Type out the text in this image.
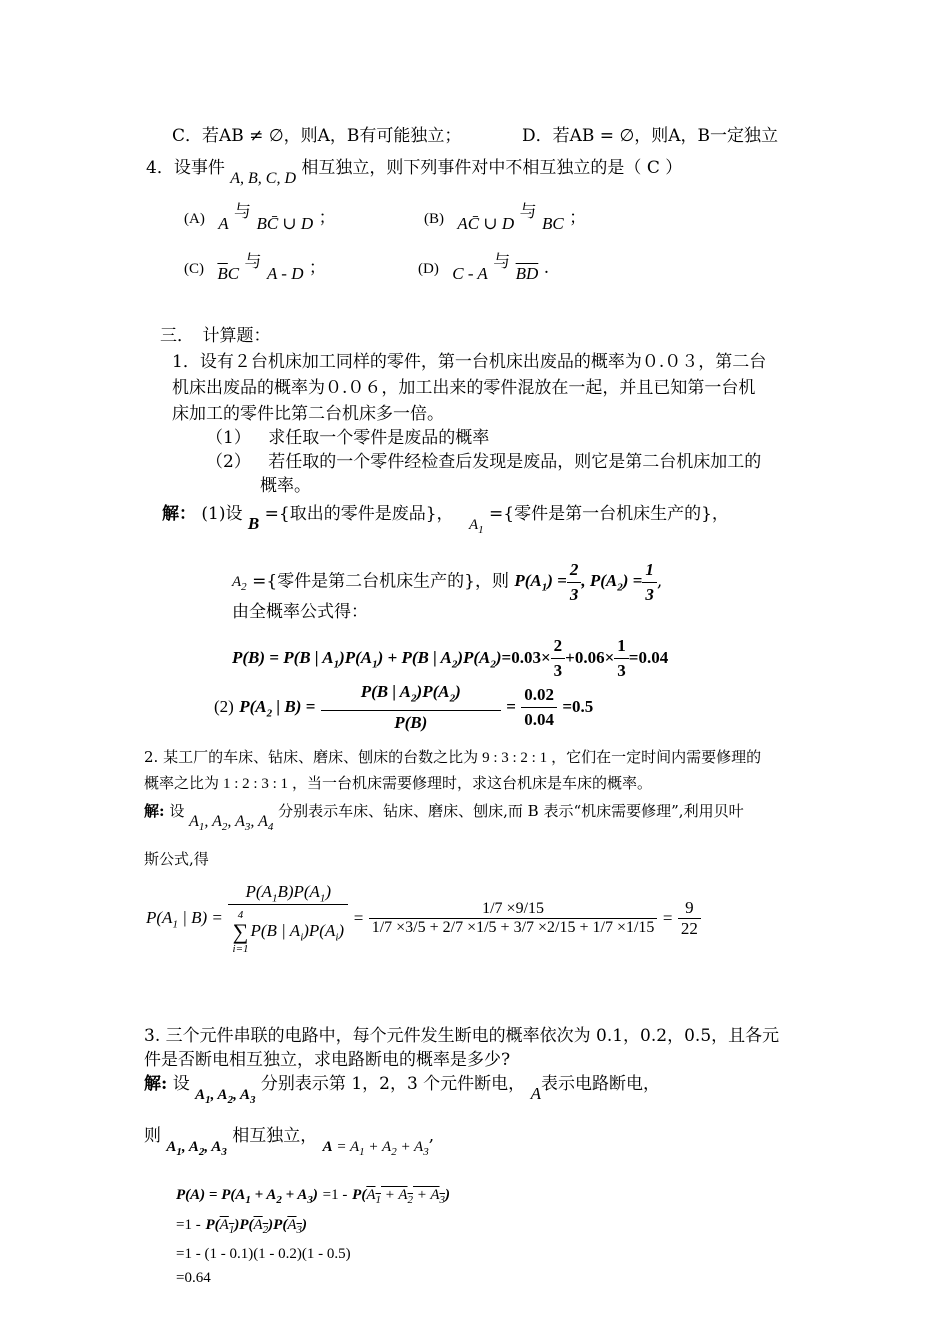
C．若AB ≠ ∅，则A，B有可能独立；	D．若AB = ∅，则A，B一定独立
4．设事件 A, B, C, D 相互独立，则下列事件对中不相互独立的是（ C ）
(A) A 与 BC̄ ∪ D ；	(B) AC̄ ∪ D 与 BC ；
(C) $\overline{B}C$ 与 A - D ；	(D) C - A 与 $\overline{BD}$ .
三．　计算题：
1．设有２台机床加工同样的零件，第一台机床出废品的概率为０.０３，第二台
机床出废品的概率为０.０６，加工出来的零件混放在一起，并且已知第一台机
床加工的零件比第二台机床多一倍。
（1） 求任取一个零件是废品的概率
（2） 若任取的一个零件经检查后发现是废品，则它是第二台机床加工的
概率。
解： (1)设 B ={取出的零件是废品}， $A_1$ ={零件是第一台机床生产的}，
$A_2$ ={零件是第二台机床生产的}，则 $P(A_1) = \frac{2}{3}$ , $P(A_2) = \frac{1}{3}$ ,
由全概率公式得：
P(B) = P(B | $A_1)P(A_1) + P(B$ | $A_2)P(A_2)=0.03\times \frac{2}{3} +0.06\times \frac{1}{3} =0.04$
(2) $P(A_2$ | $B) = \frac{P(B | A_2)P(A_2)}{P(B)} = \frac{0.02}{0.04} =0.5$
2. 某工厂的车床、钻床、磨床、刨床的台数之比为 9 : 3 : 2 : 1 ，它们在一定时间内需要修理的
概率之比为 1 : 2 : 3 : 1 ，当一台机床需要修理时，求这台机床是车床的概率。
解: 设 $A_1$, $A_2$, $A_3$, $A_4$ 分别表示车床、钻床、磨床、刨床,而 B 表示“机床需要修理”,利用贝叶
斯公式,得
$P(A_1$ | B) =
$P(A_1B)P(A_1)$
4
∑
i=1P(B | $A_i)P(A_i)$
= $\frac{1/7 \times 9/15}{1/7 \times 3/5 + 2/7 \times 1/5 + 3/7 \times 2/15 + 1/7 \times 1/15} = \frac{9}{22}$
3. 三个元件串联的电路中，每个元件发生断电的概率依次为 0.1，0.2，0.5，且各元
件是否断电相互独立，求电路断电的概率是多少?
解: 设 $A_1$, $A_2$, $A_3$ 分别表示第 1，2，3 个元件断电， A表示电路断电，
则 $A_1$, $A_2$, $A_3$ 相互独立， $A = A_1 + A_2 + A_3$,
$P(A) = P(A_1 + A_2 + A_3) =1 - P(A_1 + A_2 + A_3)$
$=1 - P(A_1)P(A_2)P(A_3)$
=1 - (1 - 0.1)(1 - 0.2)(1 - 0.5)
=0.64
